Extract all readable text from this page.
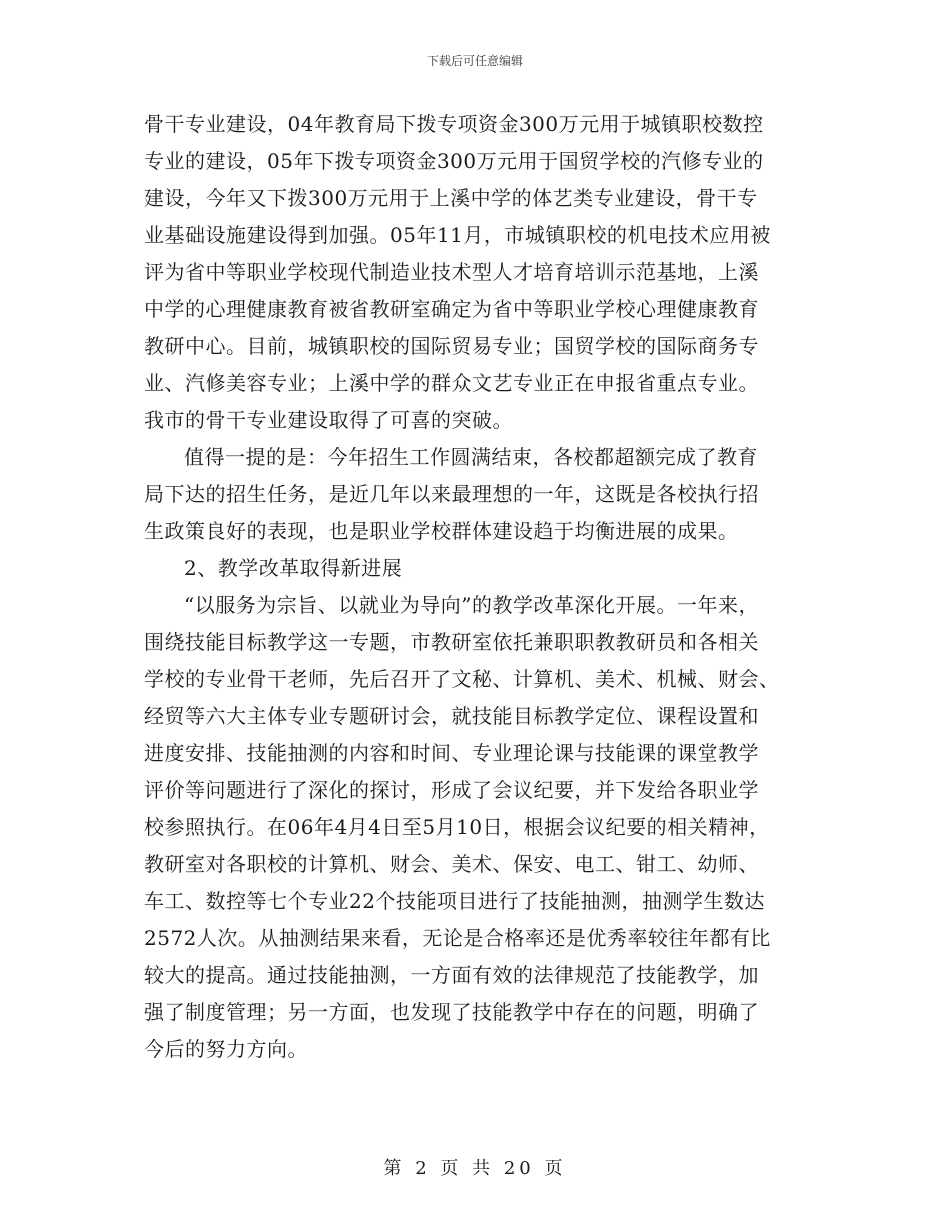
下载后可任意编辑
骨干专业建设，04年教育局下拨专项资金300万元用于城镇职校数控
专业的建设，05年下拨专项资金300万元用于国贸学校的汽修专业的
建设，今年又下拨300万元用于上溪中学的体艺类专业建设，骨干专
业基础设施建设得到加强。05年11月，市城镇职校的机电技术应用被
评为省中等职业学校现代制造业技术型人才培育培训示范基地，上溪
中学的心理健康教育被省教研室确定为省中等职业学校心理健康教育
教研中心。目前，城镇职校的国际贸易专业；国贸学校的国际商务专
业、汽修美容专业；上溪中学的群众文艺专业正在申报省重点专业。
我市的骨干专业建设取得了可喜的突破。
值得一提的是：今年招生工作圆满结束，各校都超额完成了教育
局下达的招生任务，是近几年以来最理想的一年，这既是各校执行招
生政策良好的表现，也是职业学校群体建设趋于均衡进展的成果。
2、教学改革取得新进展
“以服务为宗旨、以就业为导向”的教学改革深化开展。一年来，
围绕技能目标教学这一专题，市教研室依托兼职职教教研员和各相关
学校的专业骨干老师，先后召开了文秘、计算机、美术、机械、财会、
经贸等六大主体专业专题研讨会，就技能目标教学定位、课程设置和
进度安排、技能抽测的内容和时间、专业理论课与技能课的课堂教学
评价等问题进行了深化的探讨，形成了会议纪要，并下发给各职业学
校参照执行。在06年4月4日至5月10日，根据会议纪要的相关精神，
教研室对各职校的计算机、财会、美术、保安、电工、钳工、幼师、
车工、数控等七个专业22个技能项目进行了技能抽测，抽测学生数达
2572人次。从抽测结果来看，无论是合格率还是优秀率较往年都有比
较大的提高。通过技能抽测，一方面有效的法律规范了技能教学，加
强了制度管理；另一方面，也发现了技能教学中存在的问题，明确了
今后的努力方向。
第 2 页 共 20 页
